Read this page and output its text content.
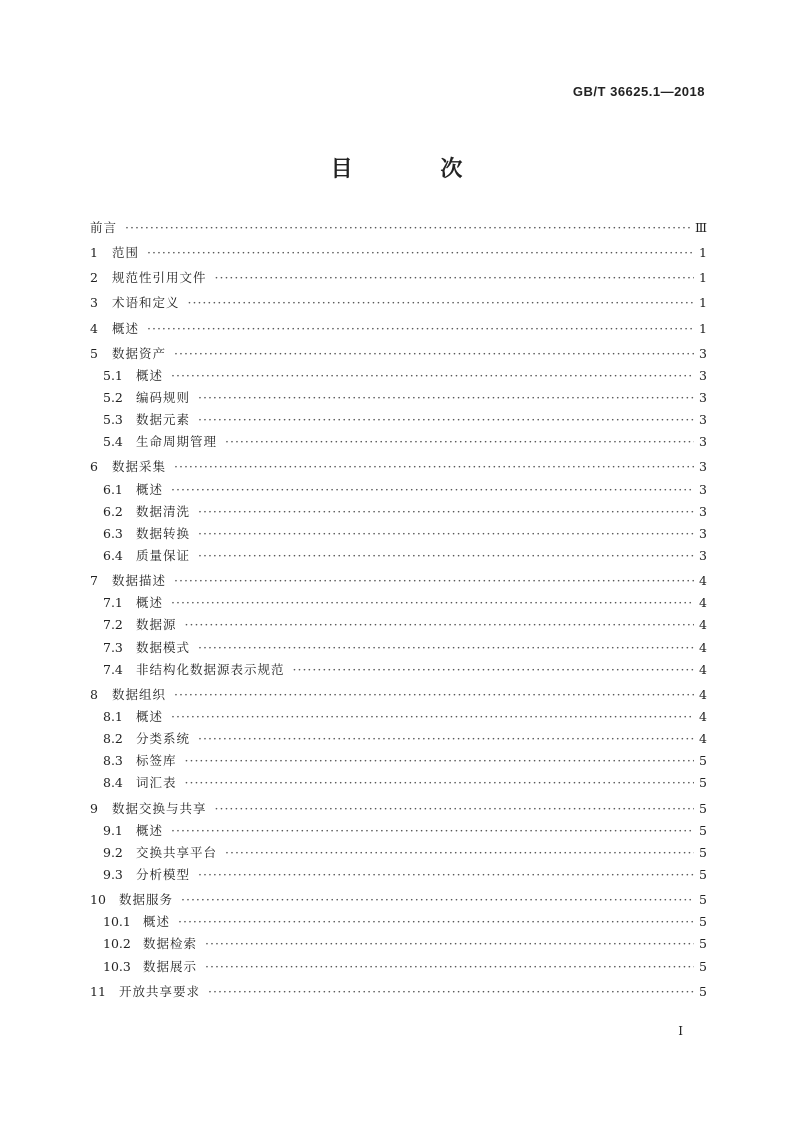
GB/T 36625.1—2018
目 次
前言 ·····	Ⅲ
1	范围 ·····	1
2	规范性引用文件 ·····	1
3	术语和定义 ·····	1
4	概述 ·····	1
5	数据资产 ·····	3
5.1	概述 ·····	3
5.2	编码规则 ·····	3
5.3	数据元素 ·····	3
5.4	生命周期管理 ·····	3
6	数据采集 ·····	3
6.1	概述 ·····	3
6.2	数据清洗 ·····	3
6.3	数据转换 ·····	3
6.4	质量保证 ·····	3
7	数据描述 ·····	4
7.1	概述 ·····	4
7.2	数据源 ·····	4
7.3	数据模式 ·····	4
7.4	非结构化数据源表示规范 ·····	4
8	数据组织 ·····	4
8.1	概述 ·····	4
8.2	分类系统 ·····	4
8.3	标签库 ·····	5
8.4	词汇表 ·····	5
9	数据交换与共享 ·····	5
9.1	概述 ·····	5
9.2	交换共享平台 ·····	5
9.3	分析模型 ·····	5
10	数据服务 ·····	5
10.1 概述 ·····	5
10.2 数据检索 ·····	5
10.3 数据展示 ·····	5
11	开放共享要求 ·····	5
Ⅰ
